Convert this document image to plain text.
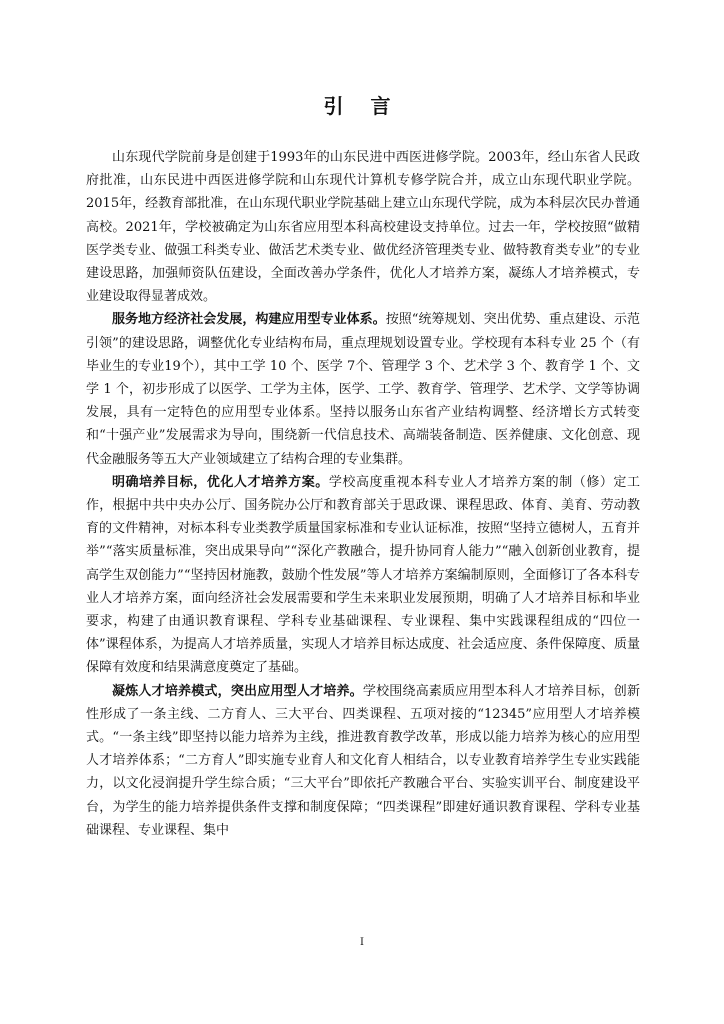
引 言

山东现代学院前身是创建于1993年的山东民进中西医进修学院。2003年，经山东省人民政府批准，山东民进中西医进修学院和山东现代计算机专修学院合并，成立山东现代职业学院。2015年，经教育部批准，在山东现代职业学院基础上建立山东现代学院，成为本科层次民办普通高校。2021年，学校被确定为山东省应用型本科高校建设支持单位。过去一年，学校按照“做精医学类专业、做强工科类专业、做活艺术类专业、做优经济管理类专业、做特教育类专业”的专业建设思路，加强师资队伍建设，全面改善办学条件，优化人才培养方案，凝练人才培养模式，专业建设取得显著成效。

服务地方经济社会发展，构建应用型专业体系。按照“统筹规划、突出优势、重点建设、示范引领”的建设思路，调整优化专业结构布局，重点理规划设置专业。学校现有本科专业 25 个（有毕业生的专业19个），其中工学 10 个、医学 7个、管理学 3 个、艺术学 3 个、教育学 1 个、文学 1 个，初步形成了以医学、工学为主体，医学、工学、教育学、管理学、艺术学、文学等协调发展，具有一定特色的应用型专业体系。坚持以服务山东省产业结构调整、经济增长方式转变和“十强产业”发展需求为导向，围绕新一代信息技术、高端装备制造、医养健康、文化创意、现代金融服务等五大产业领域建立了结构合理的专业集群。

明确培养目标，优化人才培养方案。学校高度重视本科专业人才培养方案的制（修）定工作，根据中共中央办公厅、国务院办公厅和教育部关于思政课、课程思政、体育、美育、劳动教育的文件精神，对标本科专业类教学质量国家标准和专业认证标准，按照“坚持立德树人，五育并举”“落实质量标准，突出成果导向”“深化产教融合，提升协同育人能力”“融入创新创业教育，提高学生双创能力”“坚持因材施教，鼓励个性发展”等人才培养方案编制原则，全面修订了各本科专业人才培养方案，面向经济社会发展需要和学生未来职业发展预期，明确了人才培养目标和毕业要求，构建了由通识教育课程、学科专业基础课程、专业课程、集中实践课程组成的“四位一体”课程体系，为提高人才培养质量，实现人才培养目标达成度、社会适应度、条件保障度、质量保障有效度和结果满意度奠定了基础。

凝炼人才培养模式，突出应用型人才培养。学校围绕高素质应用型本科人才培养目标，创新性形成了一条主线、二方育人、三大平台、四类课程、五项对接的“12345”应用型人才培养模式。“一条主线”即坚持以能力培养为主线，推进教育教学改革，形成以能力培养为核心的应用型人才培养体系；“二方育人”即实施专业育人和文化育人相结合，以专业教育培养学生专业实践能力，以文化浸润提升学生综合质；“三大平台”即依托产教融合平台、实验实训平台、制度建设平台，为学生的能力培养提供条件支撑和制度保障；“四类课程”即建好通识教育课程、学科专业基础课程、专业课程、集中

I
